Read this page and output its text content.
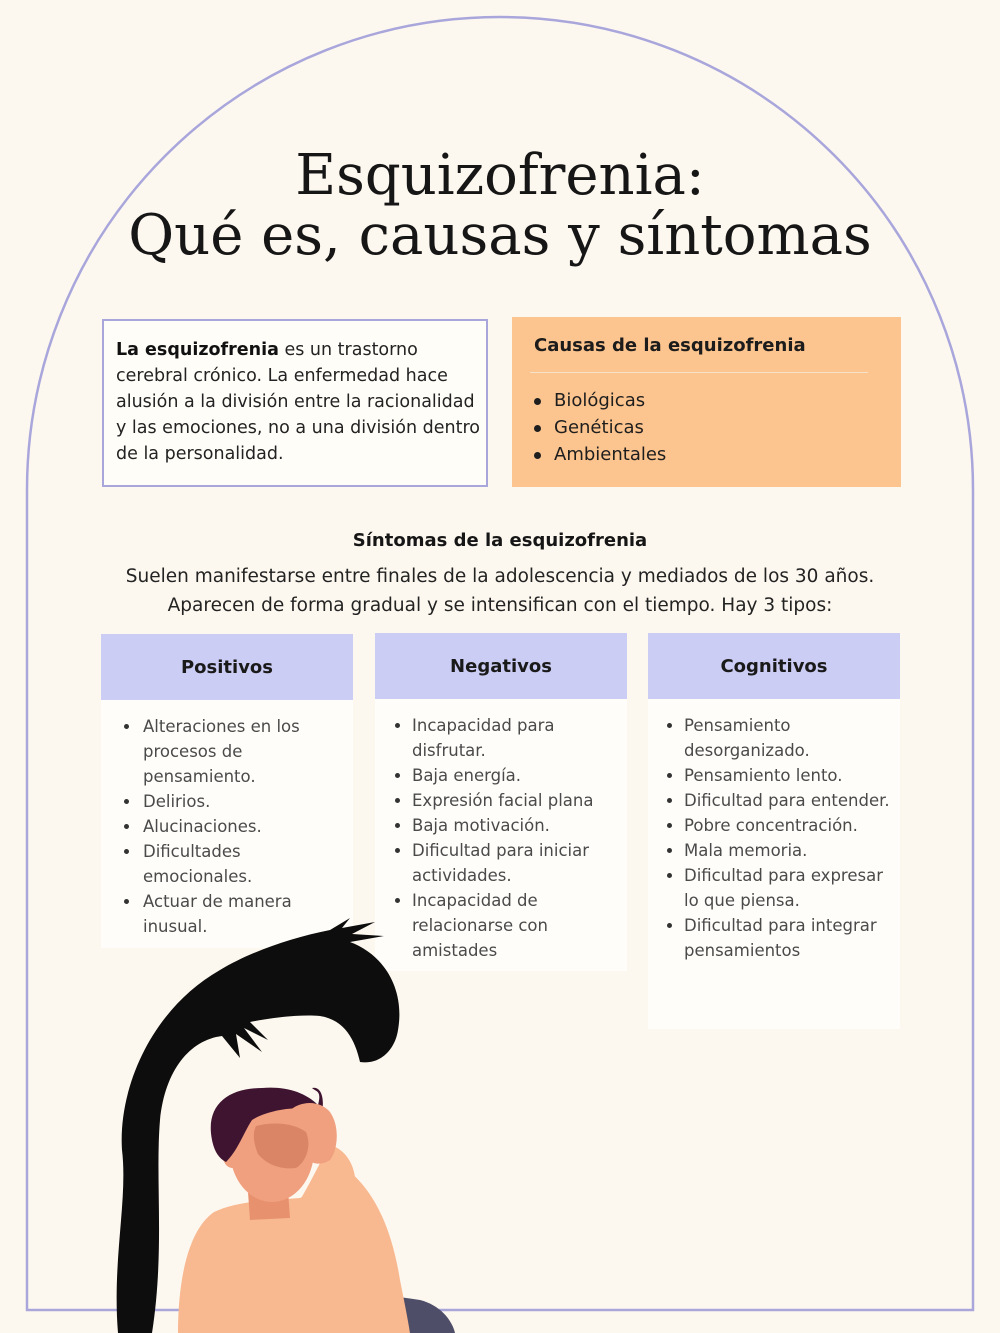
Esquizofrenia:
Qué es, causas y síntomas
La esquizofrenia es un trastorno cerebral crónico. La enfermedad hace alusión a la división entre la racionalidad y las emociones, no a una división dentro de la personalidad.
Causas de la esquizofrenia
Biológicas
Genéticas
Ambientales
Síntomas de la esquizofrenia
Suelen manifestarse entre finales de la adolescencia y mediados de los 30 años. Aparecen de forma gradual y se intensifican con el tiempo. Hay 3 tipos:
Positivos
Alteraciones en los procesos de pensamiento.
Delirios.
Alucinaciones.
Dificultades emocionales.
Actuar de manera inusual.
Negativos
Incapacidad para disfrutar.
Baja energía.
Expresión facial plana
Baja motivación.
Dificultad para iniciar actividades.
Incapacidad de relacionarse con amistades
Cognitivos
Pensamiento desorganizado.
Pensamiento lento.
Dificultad para entender.
Pobre concentración.
Mala memoria.
Dificultad para expresar lo que piensa.
Dificultad para integrar pensamientos
